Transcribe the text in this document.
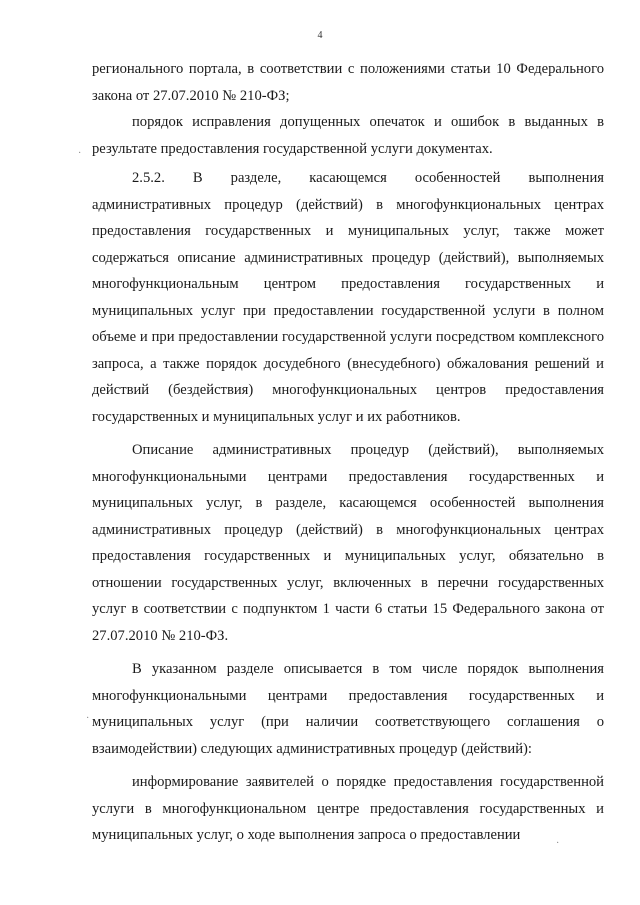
4

регионального портала, в соответствии с положениями статьи 10 Федерального закона от 27.07.2010 № 210-ФЗ;

порядок исправления допущенных опечаток и ошибок в выданных в результате предоставления государственной услуги документах.

2.5.2. В разделе, касающемся особенностей выполнения административных процедур (действий) в многофункциональных центрах предоставления государственных и муниципальных услуг, также может содержаться описание административных процедур (действий), выполняемых многофункциональным центром предоставления государственных и муниципальных услуг при предоставлении государственной услуги в полном объеме и при предоставлении государственной услуги посредством комплексного запроса, а также порядок досудебного (внесудебного) обжалования решений и действий (бездействия) многофункциональных центров предоставления государственных и муниципальных услуг и их работников.

Описание административных процедур (действий), выполняемых многофункциональными центрами предоставления государственных и муниципальных услуг, в разделе, касающемся особенностей выполнения административных процедур (действий) в многофункциональных центрах предоставления государственных и муниципальных услуг, обязательно в отношении государственных услуг, включенных в перечни государственных услуг в соответствии с подпунктом 1 части 6 статьи 15 Федерального закона от 27.07.2010 № 210-ФЗ.

В указанном разделе описывается в том числе порядок выполнения многофункциональными центрами предоставления государственных и муниципальных услуг (при наличии соответствующего соглашения о взаимодействии) следующих административных процедур (действий):

информирование заявителей о порядке предоставления государственной услуги в многофункциональном центре предоставления государственных и муниципальных услуг, о ходе выполнения запроса о предоставлении

·
·
·
